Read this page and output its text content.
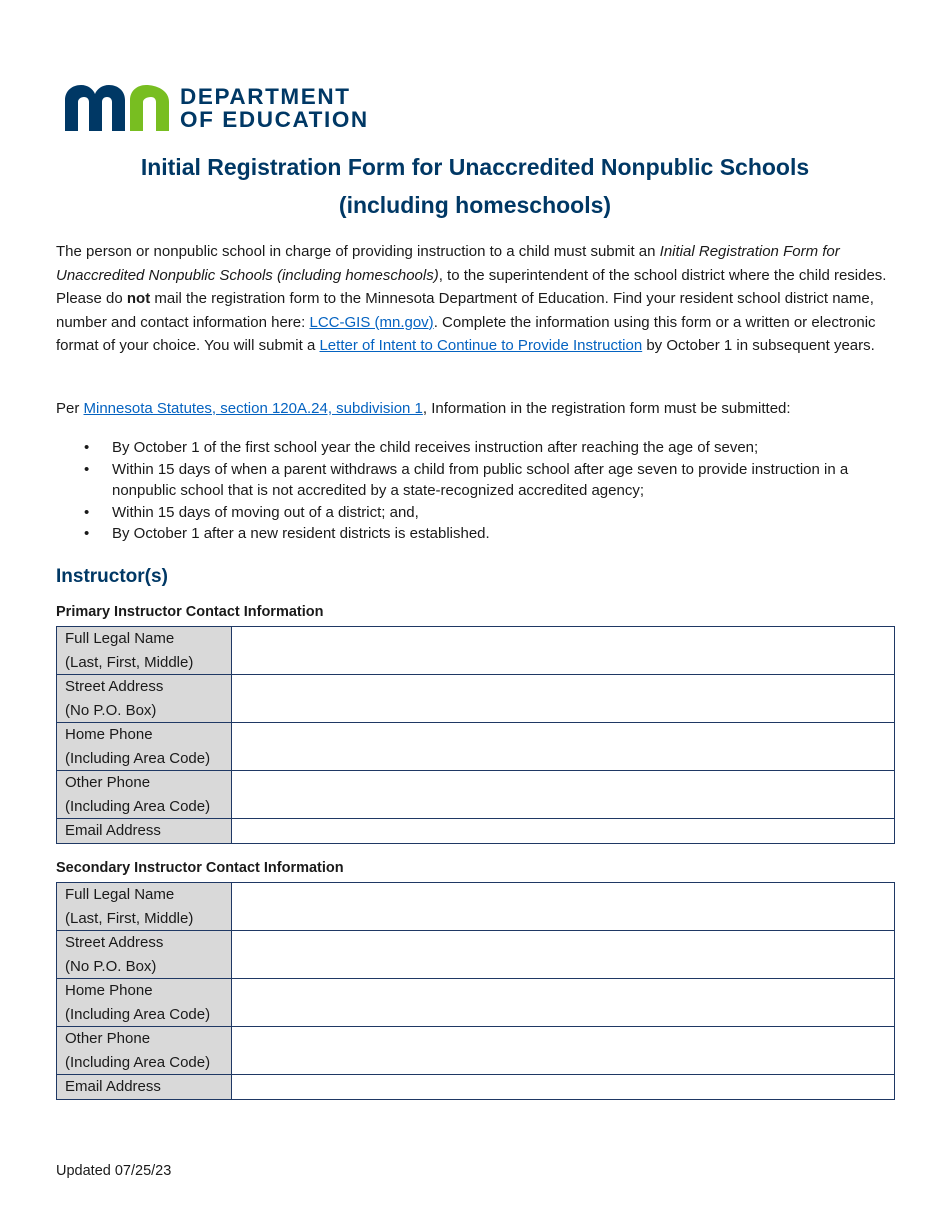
DEPARTMENT
OF EDUCATION
Initial Registration Form for Unaccredited Nonpublic Schools
(including homeschools)

The person or nonpublic school in charge of providing instruction to a child must submit an Initial Registration Form for Unaccredited Nonpublic Schools (including homeschools), to the superintendent of the school district where the child resides. Please do not mail the registration form to the Minnesota Department of Education. Find your resident school district name, number and contact information here: LCC-GIS (mn.gov). Complete the information using this form or a written or electronic format of your choice. You will submit a Letter of Intent to Continue to Provide Instruction by October 1 in subsequent years.

Per Minnesota Statutes, section 120A.24, subdivision 1, Information in the registration form must be submitted:

• By October 1 of the first school year the child receives instruction after reaching the age of seven;
• Within 15 days of when a parent withdraws a child from public school after age seven to provide instruction in a nonpublic school that is not accredited by a state-recognized accredited agency;
• Within 15 days of moving out of a district; and,
• By October 1 after a new resident districts is established.
Instructor(s)

Primary Instructor Contact Information

Full Legal Name
(Last, First, Middle)	

Street Address
(No P.O. Box)	

Home Phone
(Including Area Code)	

Other Phone
(Including Area Code)	

Email Address	

Secondary Instructor Contact Information

Full Legal Name
(Last, First, Middle)	

Street Address
(No P.O. Box)	

Home Phone
(Including Area Code)	

Other Phone
(Including Area Code)	

Email Address	

Updated 07/25/23
